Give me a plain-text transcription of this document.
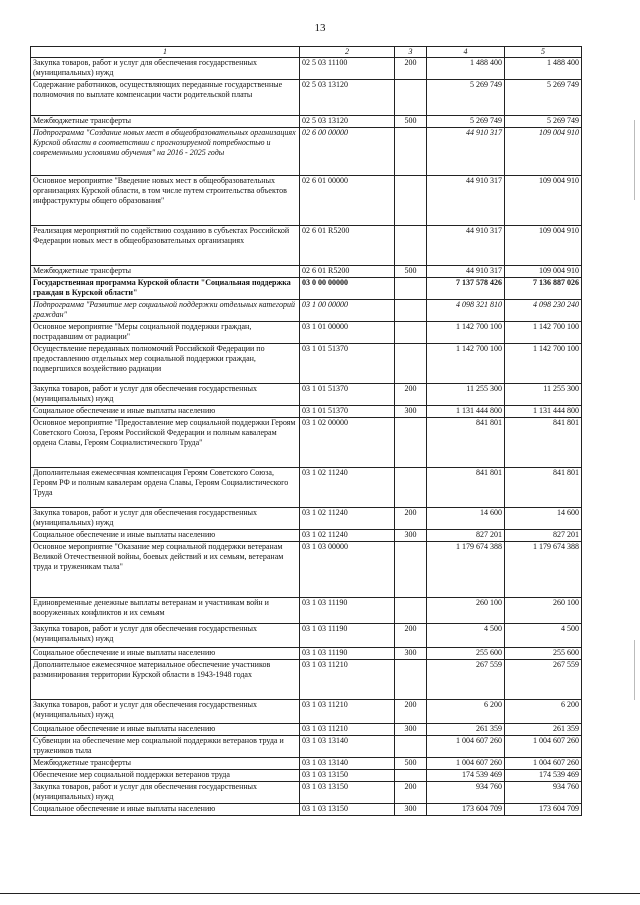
13
1	2	3	4	5
Закупка товаров, работ и услуг для обеспечения государственных (муниципальных) нужд	02 5 03 11100	200	1 488 400	1 488 400
Содержание работников, осуществляющих переданные государственные полномочия по выплате компенсации части родительской платы	02 5 03 13120		5 269 749	5 269 749
Межбюджетные трансферты	02 5 03 13120	500	5 269 749	5 269 749
Подпрограмма "Создание новых мест в общеобразовательных организациях Курской области в соответствии с прогнозируемой потребностью и современными условиями обучения" на 2016 - 2025 годы	02 6 00 00000		44 910 317	109 004 910
Основное мероприятие "Введение новых мест в общеобразовательных организациях Курской области, в том числе путем строительства объектов инфраструктуры общего образования"	02 6 01 00000		44 910 317	109 004 910
Реализация мероприятий по содействию созданию в субъектах Российской Федерации новых мест в общеобразовательных организациях	02 6 01 R5200		44 910 317	109 004 910
Межбюджетные трансферты	02 6 01 R5200	500	44 910 317	109 004 910
Государственная программа Курской области "Социальная поддержка граждан в Курской области"	03 0 00 00000		7 137 578 426	7 136 887 026
Подпрограмма "Развитие мер социальной поддержки отдельных категорий граждан"	03 1 00 00000		4 098 321 810	4 098 230 240
Основное мероприятие "Меры социальной поддержки граждан, пострадавшим от радиации"	03 1 01 00000		1 142 700 100	1 142 700 100
Осуществление переданных полномочий Российской Федерации по предоставлению отдельных мер социальной поддержки граждан, подвергшихся воздействию радиации	03 1 01 51370		1 142 700 100	1 142 700 100
Закупка товаров, работ и услуг для обеспечения государственных (муниципальных) нужд	03 1 01 51370	200	11 255 300	11 255 300
Социальное обеспечение и иные выплаты населению	03 1 01 51370	300	1 131 444 800	1 131 444 800
Основное мероприятие "Предоставление мер социальной поддержки Героям Советского Союза, Героям Российской Федерации и полным кавалерам ордена Славы, Героям Социалистического Труда"	03 1 02 00000		841 801	841 801
Дополнительная ежемесячная компенсация Героям Советского Союза, Героям РФ и полным кавалерам ордена Славы, Героям Социалистического Труда	03 1 02 11240		841 801	841 801
Закупка товаров, работ и услуг для обеспечения государственных (муниципальных) нужд	03 1 02 11240	200	14 600	14 600
Социальное обеспечение и иные выплаты населению	03 1 02 11240	300	827 201	827 201
Основное мероприятие "Оказание мер социальной поддержки ветеранам Великой Отечественной войны, боевых действий и их семьям, ветеранам труда и труженикам тыла"	03 1 03 00000		1 179 674 388	1 179 674 388
Единовременные денежные выплаты ветеранам и участникам войн и вооруженных конфликтов и их семьям	03 1 03 11190		260 100	260 100
Закупка товаров, работ и услуг для обеспечения государственных (муниципальных) нужд	03 1 03 11190	200	4 500	4 500
Социальное обеспечение и иные выплаты населению	03 1 03 11190	300	255 600	255 600
Дополнительное ежемесячное материальное обеспечение участников разминирования территории Курской области в 1943-1948 годах	03 1 03 11210		267 559	267 559
Закупка товаров, работ и услуг для обеспечения государственных (муниципальных) нужд	03 1 03 11210	200	6 200	6 200
Социальное обеспечение и иные выплаты населению	03 1 03 11210	300	261 359	261 359
Субвенции на обеспечение мер социальной поддержки ветеранов труда и тружеников тыла	03 1 03 13140		1 004 607 260	1 004 607 260
Межбюджетные трансферты	03 1 03 13140	500	1 004 607 260	1 004 607 260
Обеспечение мер социальной поддержки ветеранов труда	03 1 03 13150		174 539 469	174 539 469
Закупка товаров, работ и услуг для обеспечения государственных (муниципальных) нужд	03 1 03 13150	200	934 760	934 760
Социальное обеспечение и иные выплаты населению	03 1 03 13150	300	173 604 709	173 604 709
